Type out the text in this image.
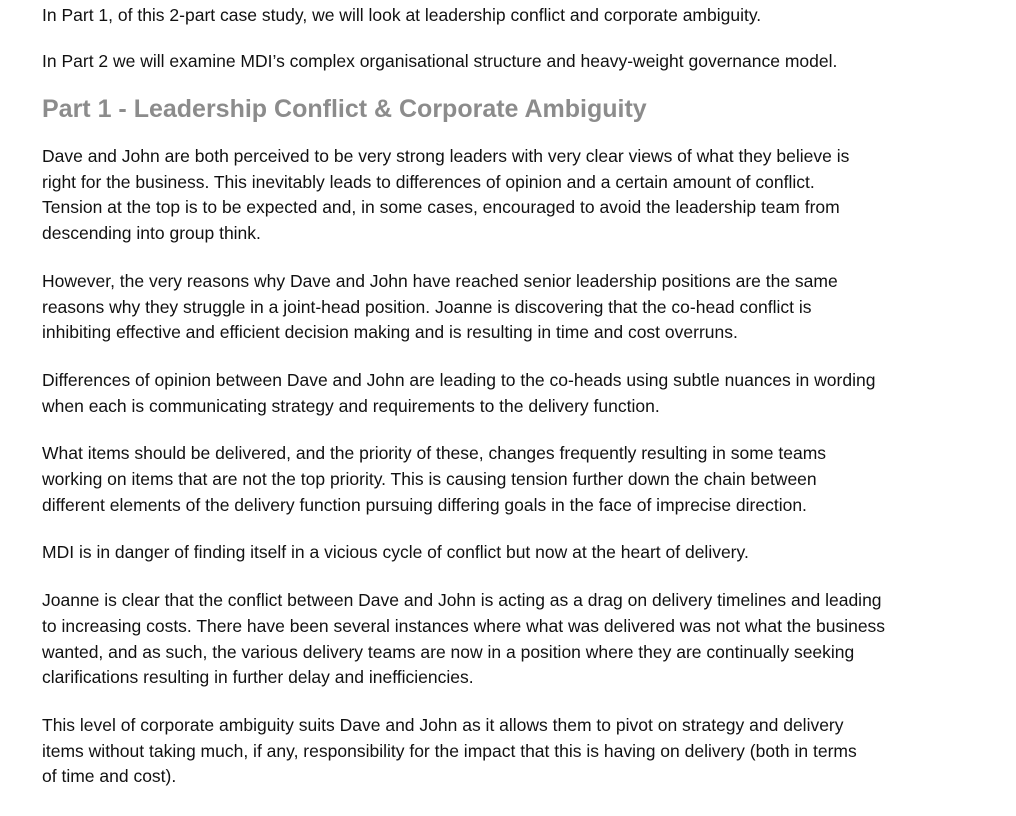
In Part 1, of this 2-part case study, we will look at leadership conflict and corporate ambiguity.

In Part 2 we will examine MDI’s complex organisational structure and heavy-weight governance model.

Part 1 - Leadership Conflict & Corporate Ambiguity

Dave and John are both perceived to be very strong leaders with very clear views of what they believe is
right for the business. This inevitably leads to differences of opinion and a certain amount of conflict.
Tension at the top is to be expected and, in some cases, encouraged to avoid the leadership team from
descending into group think.

However, the very reasons why Dave and John have reached senior leadership positions are the same
reasons why they struggle in a joint-head position. Joanne is discovering that the co-head conflict is
inhibiting effective and efficient decision making and is resulting in time and cost overruns.

Differences of opinion between Dave and John are leading to the co-heads using subtle nuances in wording
when each is communicating strategy and requirements to the delivery function.

What items should be delivered, and the priority of these, changes frequently resulting in some teams
working on items that are not the top priority. This is causing tension further down the chain between
different elements of the delivery function pursuing differing goals in the face of imprecise direction.

MDI is in danger of finding itself in a vicious cycle of conflict but now at the heart of delivery.

Joanne is clear that the conflict between Dave and John is acting as a drag on delivery timelines and leading
to increasing costs. There have been several instances where what was delivered was not what the business
wanted, and as such, the various delivery teams are now in a position where they are continually seeking
clarifications resulting in further delay and inefficiencies.

This level of corporate ambiguity suits Dave and John as it allows them to pivot on strategy and delivery
items without taking much, if any, responsibility for the impact that this is having on delivery (both in terms
of time and cost).
